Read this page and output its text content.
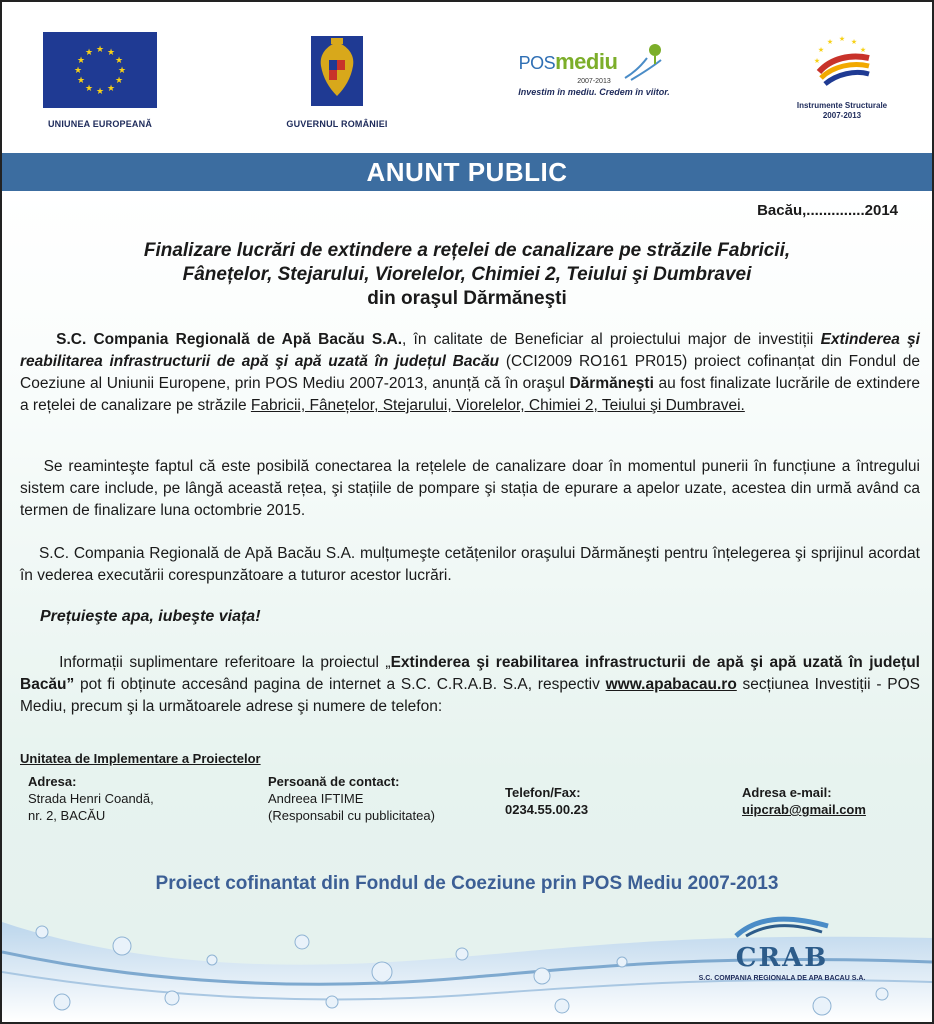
★ ★
★
★
★
★
★
★
★
★
★
★
UNIUNEA EUROPEANĂ	GUVERNUL ROMÂNIEI
POSmediu
2007-2013
Investim în mediu. Credem în viitor.
★ ★
★
★
★
★
Instrumente Structurale
2007-2013
ANUNT PUBLIC
Bacău,..............2014
Finalizare lucrări de extindere a rețelei de canalizare pe străzile Fabricii,
Fânețelor, Stejarului, Viorelelor, Chimiei 2, Teiului şi Dumbravei
din oraşul Dărmăneşti
S.C. Compania Regională de Apă Bacău S.A., în calitate de Beneficiar al proiectului major de investiții Extinderea şi reabilitarea infrastructurii de apă şi apă uzată în județul Bacău (CCI2009 RO161 PR015) proiect cofinanțat din Fondul de Coeziune al Uniunii Europene, prin POS Mediu 2007-2013, anunță că în oraşul Dărmăneşti au fost finalizate lucrările de extindere a rețelei de canalizare pe străzile Fabricii, Fânețelor, Stejarului, Viorelelor, Chimiei 2, Teiului şi Dumbravei.
Se reaminteşte faptul că este posibilă conectarea la rețelele de canalizare doar în momentul punerii în funcțiune a întregului sistem care include, pe lângă această rețea, şi stațiile de pompare şi stația de epurare a apelor uzate, acestea din urmă având ca termen de finalizare luna octombrie 2015.
S.C. Compania Regională de Apă Bacău S.A. mulțumeşte cetățenilor oraşului Dărmăneşti pentru înțelegerea şi sprijinul acordat în vederea executării corespunzătoare a tuturor acestor lucrări.
Prețuieşte apa, iubeşte viața!
Informații suplimentare referitoare la proiectul „Extinderea şi reabilitarea infrastructurii de apă şi apă uzată în județul Bacău” pot fi obținute accesând pagina de internet a S.C. C.R.A.B. S.A, respectiv www.apabacau.ro secțiunea Investiții - POS Mediu, precum şi la următoarele adrese şi numere de telefon:
Unitatea de Implementare a Proiectelor
Adresa:
Strada Henri Coandă,
nr. 2, BACĂU
Persoană de contact:
Andreea IFTIME
(Responsabil cu publicitatea)
Telefon/Fax:
0234.55.00.23
Adresa e-mail:
uipcrab@gmail.com
Proiect cofinantat din Fondul de Coeziune prin POS Mediu 2007-2013
CRAB
S.C. COMPANIA REGIONALA DE APA BACAU S.A.
